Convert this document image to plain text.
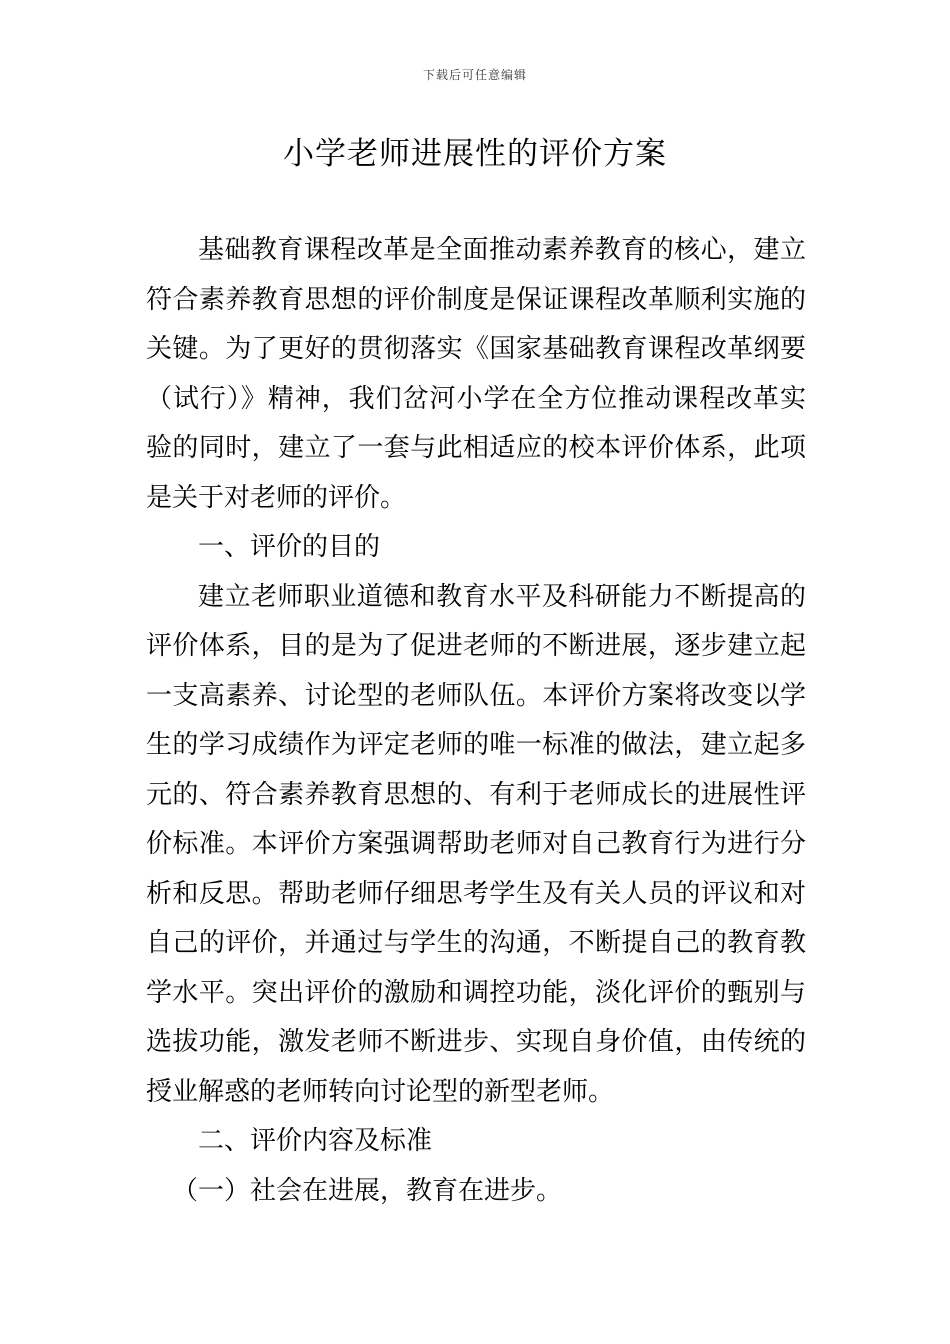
下载后可任意编辑
小学老师进展性的评价方案

基础教育课程改革是全面推动素养教育的核心，建立符合素养教育思想的评价制度是保证课程改革顺利实施的关键。为了更好的贯彻落实《国家基础教育课程改革纲要（试行）》精神，我们岔河小学在全方位推动课程改革实验的同时，建立了一套与此相适应的校本评价体系，此项是关于对老师的评价。

一、评价的目的

建立老师职业道德和教育水平及科研能力不断提高的评价体系，目的是为了促进老师的不断进展，逐步建立起一支高素养、讨论型的老师队伍。本评价方案将改变以学生的学习成绩作为评定老师的唯一标准的做法，建立起多元的、符合素养教育思想的、有利于老师成长的进展性评价标准。本评价方案强调帮助老师对自己教育行为进行分析和反思。帮助老师仔细思考学生及有关人员的评议和对自己的评价，并通过与学生的沟通，不断提自己的教育教学水平。突出评价的激励和调控功能，淡化评价的甄别与选拔功能，激发老师不断进步、实现自身价值，由传统的授业解惑的老师转向讨论型的新型老师。

二、评价内容及标准

（一）社会在进展，教育在进步。
